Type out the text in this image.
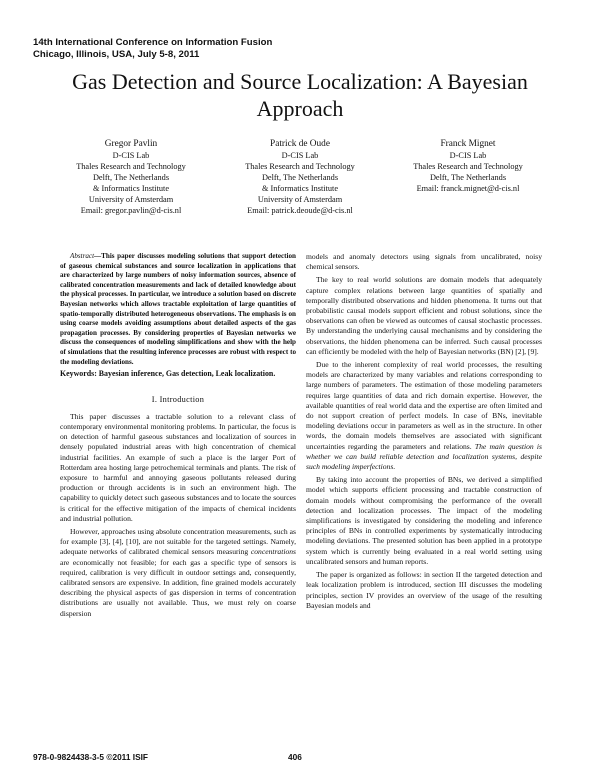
14th International Conference on Information Fusion
Chicago, Illinois, USA, July 5-8, 2011
Gas Detection and Source Localization: A Bayesian
Approach
Gregor Pavlin
D-CIS Lab
Thales Research and Technology
Delft, The Netherlands
& Informatics Institute
University of Amsterdam
Email: gregor.pavlin@d-cis.nl
Patrick de Oude
D-CIS Lab
Thales Research and Technology
Delft, The Netherlands
& Informatics Institute
University of Amsterdam
Email: patrick.deoude@d-cis.nl
Franck Mignet
D-CIS Lab
Thales Research and Technology
Delft, The Netherlands
Email: franck.mignet@d-cis.nl

Abstract—This paper discusses modeling solutions that support detection of gaseous chemical substances and source localization in applications that are characterized by large numbers of noisy information sources, absence of calibrated concentration measurements and lack of detailed knowledge about the physical processes. In particular, we introduce a solution based on discrete Bayesian networks which allows tractable exploitation of large quantities of spatio-temporally distributed heterogeneous observations. The emphasis is on using coarse models avoiding assumptions about detailed aspects of the gas propagation processes. By considering properties of Bayesian networks we discuss the consequences of modeling simplifications and show with the help of simulations that the resulting inference processes are robust with respect to the modeling deviations.

Keywords: Bayesian inference, Gas detection, Leak localization.

I. Introduction

This paper discusses a tractable solution to a relevant class of contemporary environmental monitoring problems. In particular, the focus is on detection of harmful gaseous substances and localization of sources in densely populated industrial areas with high concentration of chemical industrial facilities. An example of such a place is the larger Port of Rotterdam area hosting large petrochemical terminals and plants. The risk of exposure to harmful and annoying gaseous pollutants released during production or through accidents is in such an environment high. The capability to quickly detect such gaseous substances and to locate the sources is critical for the effective mitigation of the impacts of chemical incidents and industrial pollution.

However, approaches using absolute concentration measurements, such as for example [3], [4], [10], are not suitable for the targeted settings. Namely, adequate networks of calibrated chemical sensors measuring concentrations are economically not feasible; for each gas a specific type of sensors is required, calibration is very difficult in outdoor settings and, consequently, calibrated sensors are expensive. In addition, fine grained models accurately describing the physical aspects of gas dispersion in terms of concentration distributions are usually not available. Thus, we must rely on coarse dispersion

models and anomaly detectors using signals from uncalibrated, noisy chemical sensors.

The key to real world solutions are domain models that adequately capture complex relations between large quantities of spatially and temporally distributed observations and hidden phenomena. It turns out that probabilistic causal models support efficient and robust solutions, since the observations can often be viewed as outcomes of causal stochastic processes. By understanding the underlying causal mechanisms and by considering the observations, the hidden phenomena can be inferred. Such causal processes can efficiently be modeled with the help of Bayesian networks (BN) [2], [9].

Due to the inherent complexity of real world processes, the resulting models are characterized by many variables and relations corresponding to large numbers of parameters. The estimation of those modeling parameters requires large quantities of data and rich domain expertise. However, the available quantities of real world data and the expertise are often limited and do not support creation of perfect models. In case of BNs, inevitable modeling deviations occur in parameters as well as in the structure. In other words, the domain models themselves are associated with significant uncertainties regarding the parameters and relations. The main question is whether we can build reliable detection and localization systems, despite such modeling imperfections.

By taking into account the properties of BNs, we derived a simplified model which supports efficient processing and tractable construction of domain models without compromising the performance of the overall detection and localization processes. The impact of the modeling simplifications is investigated by considering the modeling and inference principles of BNs in controlled experiments by systematically introducing modeling deviations. The presented solution has been applied in a prototype system which is currently being evaluated in a real world setting using uncalibrated sensors and human reports.

The paper is organized as follows: in section II the targeted detection and leak localization problem is introduced, section III discusses the modeling principles, section IV provides an overview of the usage of the resulting Bayesian models and

978-0-9824438-3-5 ©2011 ISIF	406
